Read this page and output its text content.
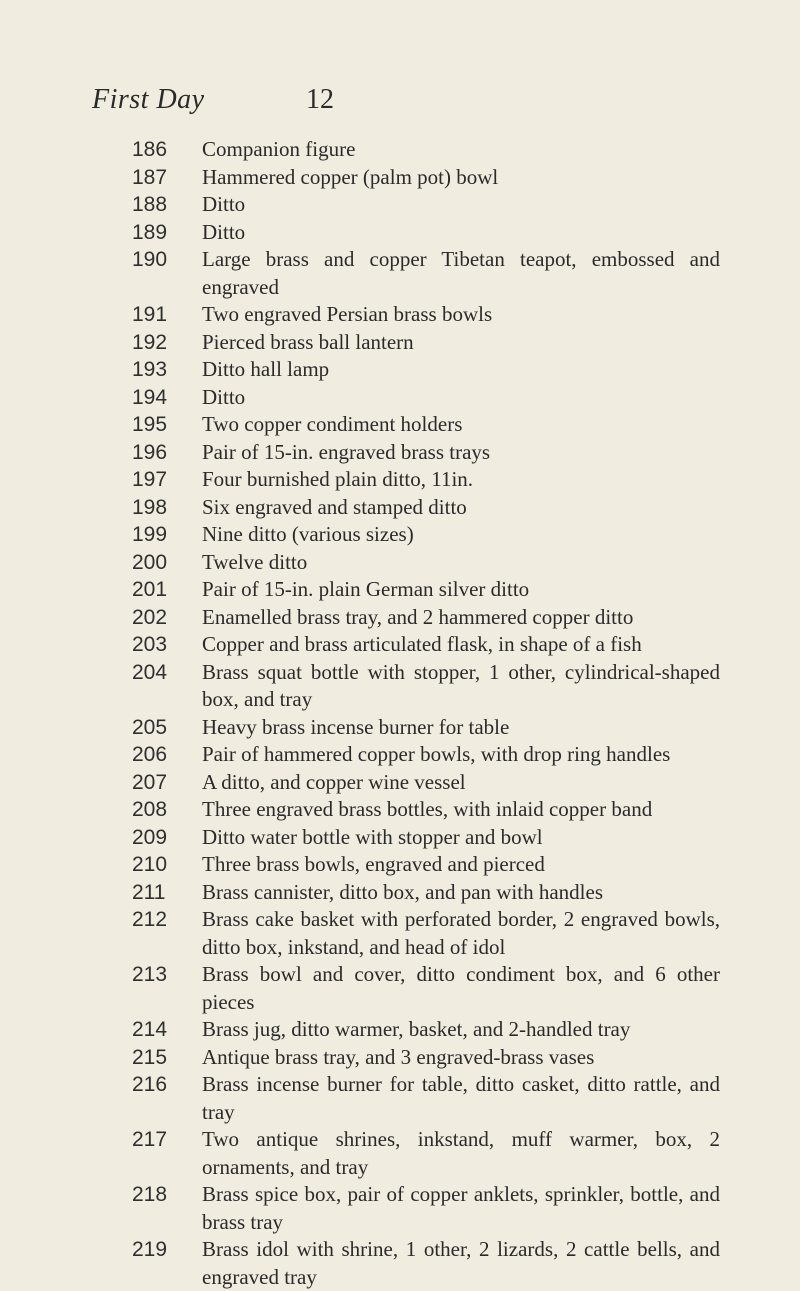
First Day	12
186	Companion figure
187	Hammered copper (palm pot) bowl
188	Ditto
189	Ditto
190	Large brass and copper Tibetan teapot, embossed and engraved
191	Two engraved Persian brass bowls
192	Pierced brass ball lantern
193	Ditto hall lamp
194	Ditto
195	Two copper condiment holders
196	Pair of 15-in. engraved brass trays
197	Four burnished plain ditto, 11in.
198	Six engraved and stamped ditto
199	Nine ditto (various sizes)
200	Twelve ditto
201	Pair of 15-in. plain German silver ditto
202	Enamelled brass tray, and 2 hammered copper ditto
203	Copper and brass articulated flask, in shape of a fish
204	Brass squat bottle with stopper, 1 other, cylindrical-shaped box, and tray
205	Heavy brass incense burner for table
206	Pair of hammered copper bowls, with drop ring handles
207	A ditto, and copper wine vessel
208	Three engraved brass bottles, with inlaid copper band
209	Ditto water bottle with stopper and bowl
210	Three brass bowls, engraved and pierced
211	Brass cannister, ditto box, and pan with handles
212	Brass cake basket with perforated border, 2 engraved bowls, ditto box, inkstand, and head of idol
213	Brass bowl and cover, ditto condiment box, and 6 other pieces
214	Brass jug, ditto warmer, basket, and 2-handled tray
215	Antique brass tray, and 3 engraved-brass vases
216	Brass incense burner for table, ditto casket, ditto rattle, and tray
217	Two antique shrines, inkstand, muff warmer, box, 2 ornaments, and tray
218	Brass spice box, pair of copper anklets, sprinkler, bottle, and brass tray
219	Brass idol with shrine, 1 other, 2 lizards, 2 cattle bells, and engraved tray
